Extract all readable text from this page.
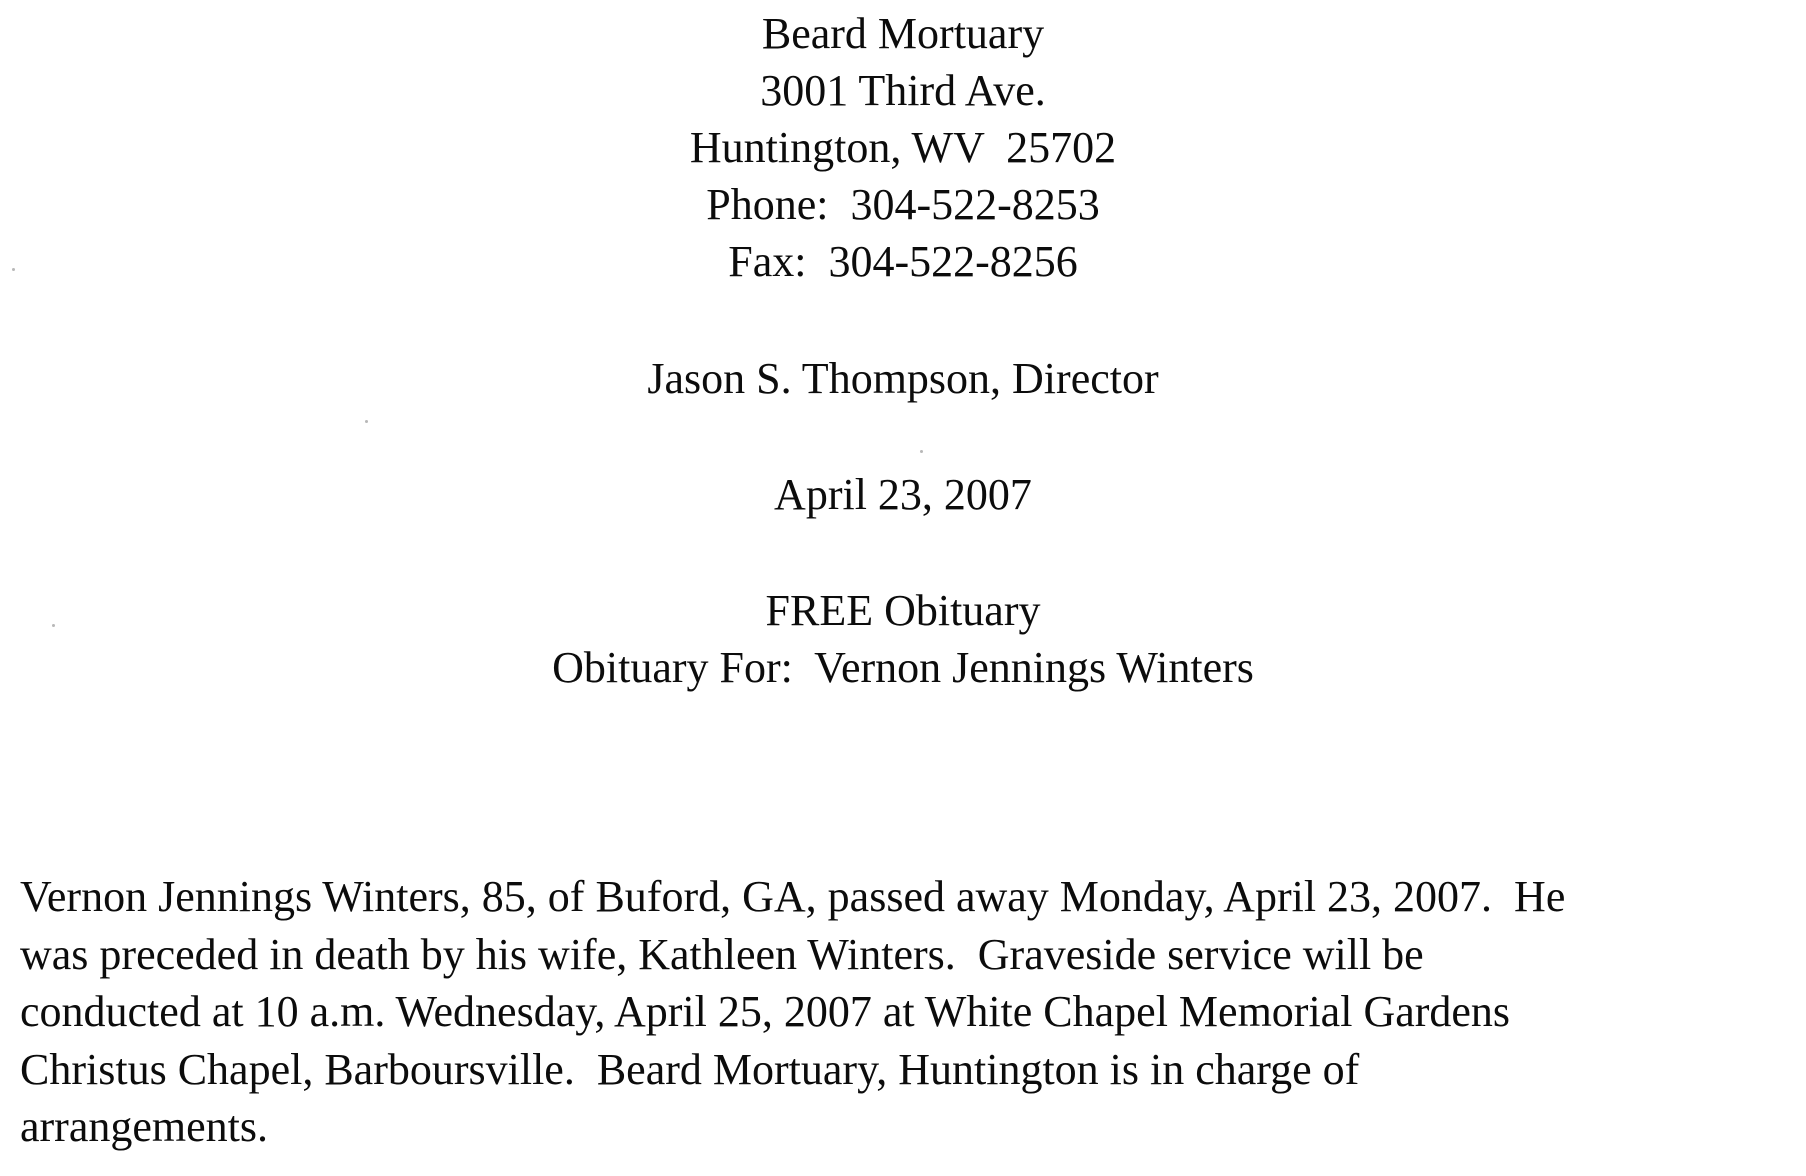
Beard Mortuary
3001 Third Ave.
Huntington, WV  25702
Phone:  304-522-8253
Fax:  304-522-8256
Jason S. Thompson, Director
April 23, 2007
FREE Obituary
Obituary For:  Vernon Jennings Winters
Vernon Jennings Winters, 85, of Buford, GA, passed away Monday, April 23, 2007.  He
was preceded in death by his wife, Kathleen Winters.  Graveside service will be
conducted at 10 a.m. Wednesday, April 25, 2007 at White Chapel Memorial Gardens
Christus Chapel, Barboursville.  Beard Mortuary, Huntington is in charge of
arrangements.
